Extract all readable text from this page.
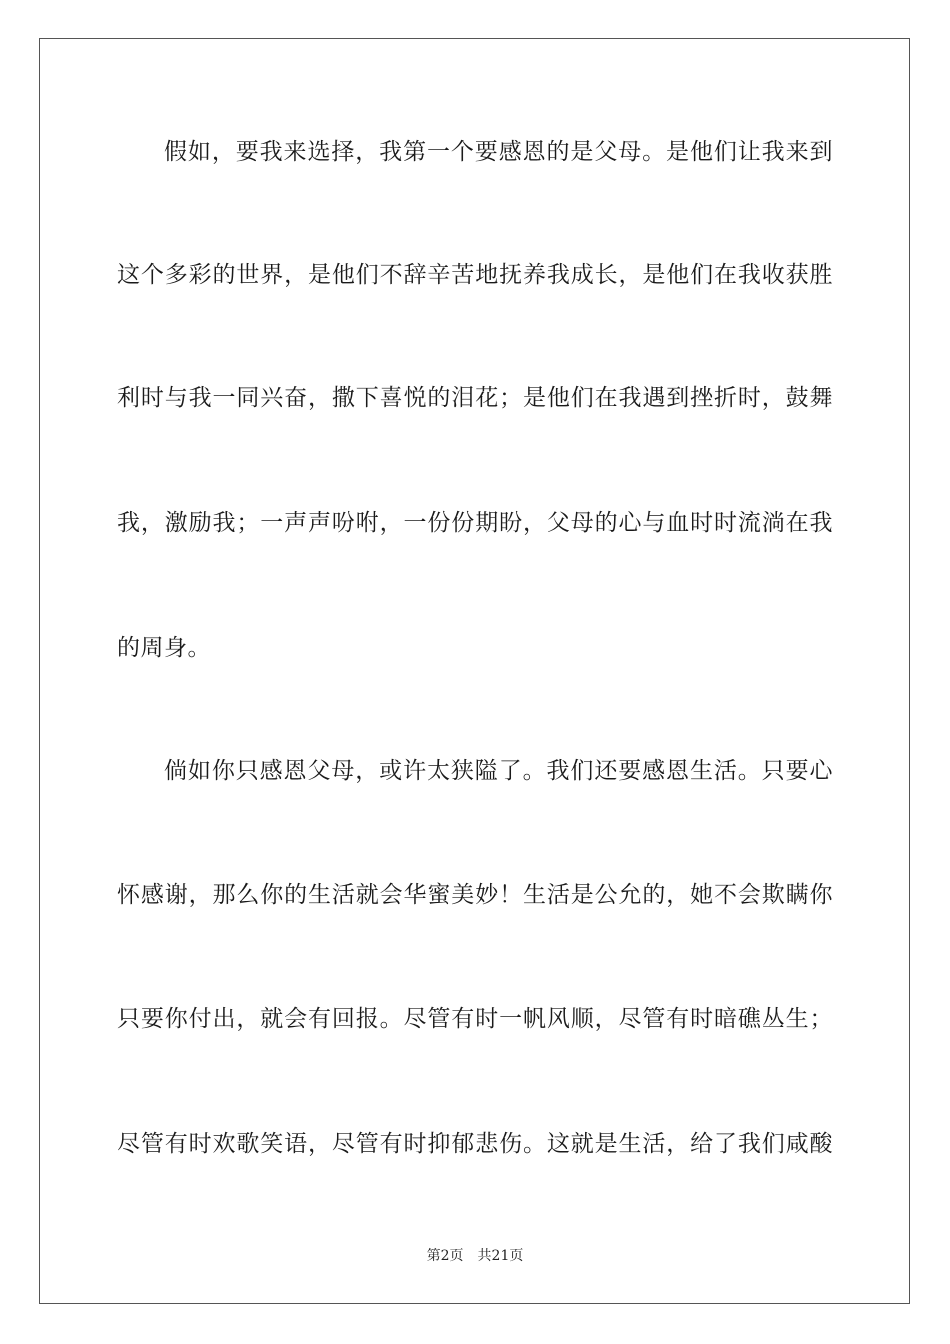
假如，要我来选择，我第一个要感恩的是父母。是他们让我来到
这个多彩的世界，是他们不辞辛苦地抚养我成长，是他们在我收获胜
利时与我一同兴奋，撒下喜悦的泪花；是他们在我遇到挫折时，鼓舞
我，激励我；一声声吩咐，一份份期盼，父母的心与血时时流淌在我
的周身。
倘如你只感恩父母，或许太狭隘了。我们还要感恩生活。只要心
怀感谢，那么你的生活就会华蜜美妙！生活是公允的，她不会欺瞒你
只要你付出，就会有回报。尽管有时一帆风顺，尽管有时暗礁丛生；
尽管有时欢歌笑语，尽管有时抑郁悲伤。这就是生活，给了我们咸酸
第2页 共21页
